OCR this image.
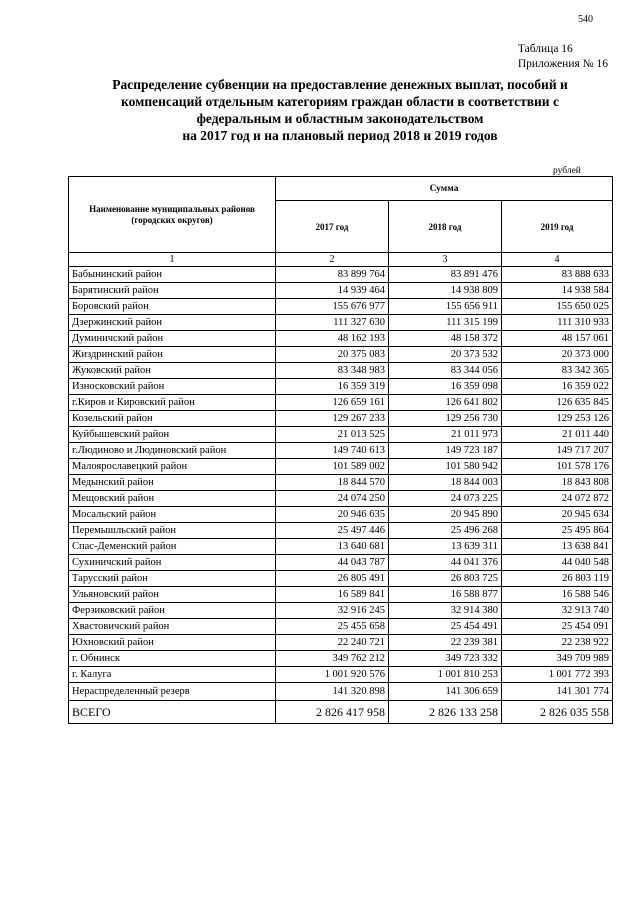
540
Таблица 16
Приложения № 16
Распределение субвенции на предоставление денежных выплат, пособий и
компенсаций отдельным категориям граждан области в соответствии с
федеральным и областным законодательством
на 2017 год и на плановый период 2018 и 2019 годов
рублей
Наименование муниципальных районов (городских округов)	Сумма		
	2017 год	2018 год	2019 год
1	2	3	4
Бабынинский район	83 899 764	83 891 476	83 888 633
Барятинский район	14 939 464	14 938 809	14 938 584
Боровский район	155 676 977	155 656 911	155 650 025
Дзержинский район	111 327 630	111 315 199	111 310 933
Думиничский район	48 162 193	48 158 372	48 157 061
Жиздринский район	20 375 083	20 373 532	20 373 000
Жуковский район	83 348 983	83 344 056	83 342 365
Износковский район	16 359 319	16 359 098	16 359 022
г.Киров и Кировский район	126 659 161	126 641 802	126 635 845
Козельский район	129 267 233	129 256 730	129 253 126
Куйбышевский район	21 013 525	21 011 973	21 011 440
г.Людиново и Людиновский район	149 740 613	149 723 187	149 717 207
Малоярославецкий район	101 589 002	101 580 942	101 578 176
Медынский район	18 844 570	18 844 003	18 843 808
Мещовский район	24 074 250	24 073 225	24 072 872
Мосальский район	20 946 635	20 945 890	20 945 634
Перемышльский район	25 497 446	25 496 268	25 495 864
Спас-Деменский район	13 640 681	13 639 311	13 638 841
Сухиничский район	44 043 787	44 041 376	44 040 548
Тарусский район	26 805 491	26 803 725	26 803 119
Ульяновский район	16 589 841	16 588 877	16 588 546
Ферзиковский район	32 916 245	32 914 380	32 913 740
Хвастовичский район	25 455 658	25 454 491	25 454 091
Юхновский район	22 240 721	22 239 381	22 238 922
г. Обнинск	349 762 212	349 723 332	349 709 989
г. Калуга	1 001 920 576	1 001 810 253	1 001 772 393
Нераспределенный резерв	141 320 898	141 306 659	141 301 774
ВСЕГО	2 826 417 958	2 826 133 258	2 826 035 558
